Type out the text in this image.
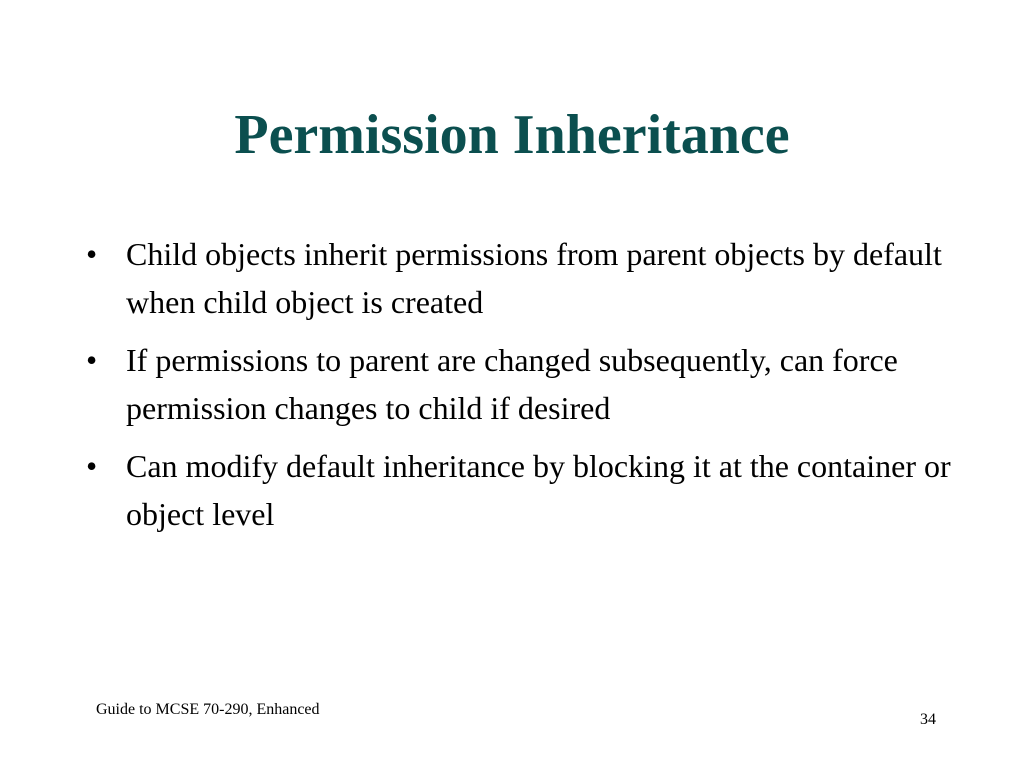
Permission Inheritance
• Child objects inherit permissions from parent objects by default when child object is created
• If permissions to parent are changed subsequently, can force permission changes to child if desired
• Can modify default inheritance by blocking it at the container or object level
Guide to MCSE 70-290, Enhanced
34
